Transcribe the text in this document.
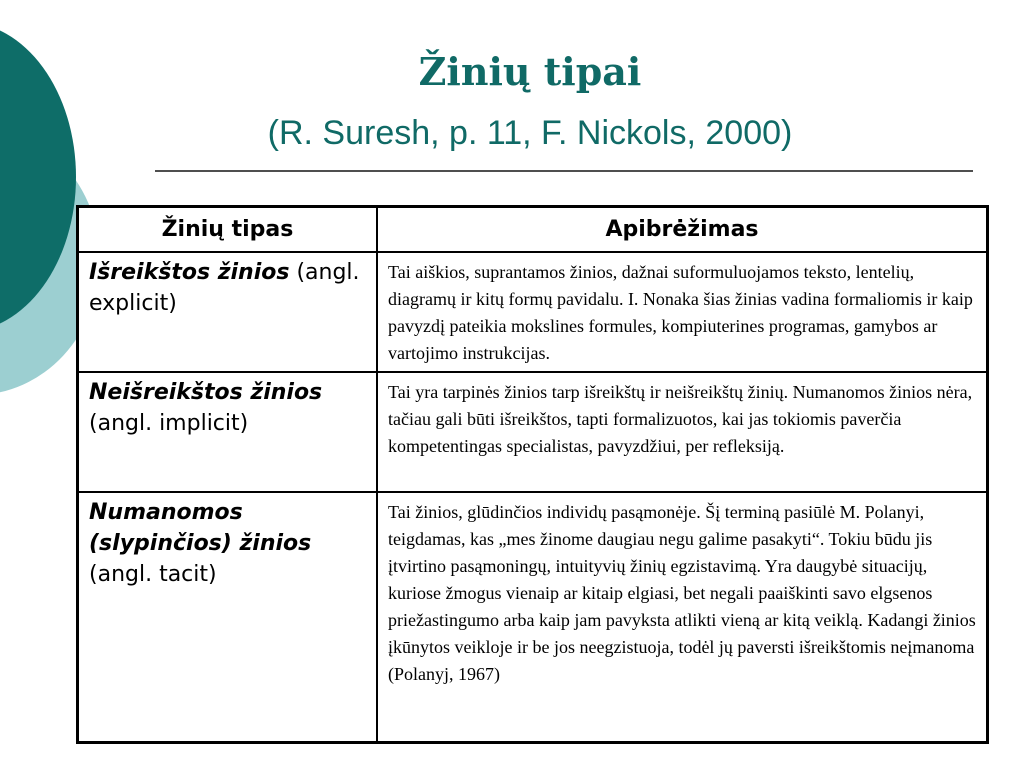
Žinių tipai
(R. Suresh, p. 11, F. Nickols, 2000)
Žinių tipas	Apibrėžimas
Išreikštos žinios (angl. explicit)	Tai aiškios, suprantamos žinios, dažnai suformuluojamos teksto, lentelių, diagramų ir kitų formų pavidalu. I. Nonaka šias žinias vadina formaliomis ir kaip pavyzdį pateikia mokslines formules, kompiuterines programas, gamybos ar vartojimo instrukcijas.
Neišreikštos žinios (angl. implicit)	Tai yra tarpinės žinios tarp išreikštų ir neišreikštų žinių. Numanomos žinios nėra, tačiau gali būti išreikštos, tapti formalizuotos, kai jas tokiomis paverčia kompetentingas specialistas, pavyzdžiui, per refleksiją.
Numanomos (slypinčios) žinios (angl. tacit)	Tai žinios, glūdinčios individų pasąmonėje. Šį terminą pasiūlė M. Polanyi, teigdamas, kas „mes žinome daugiau negu galime pasakyti“. Tokiu būdu jis įtvirtino pasąmoningų, intuityvių žinių egzistavimą. Yra daugybė situacijų, kuriose žmogus vienaip ar kitaip elgiasi, bet negali paaiškinti savo elgsenos priežastingumo arba kaip jam pavyksta atlikti vieną ar kitą veiklą. Kadangi žinios įkūnytos veikloje ir be jos neegzistuoja, todėl jų paversti išreikštomis neįmanoma (Polanyj, 1967)
